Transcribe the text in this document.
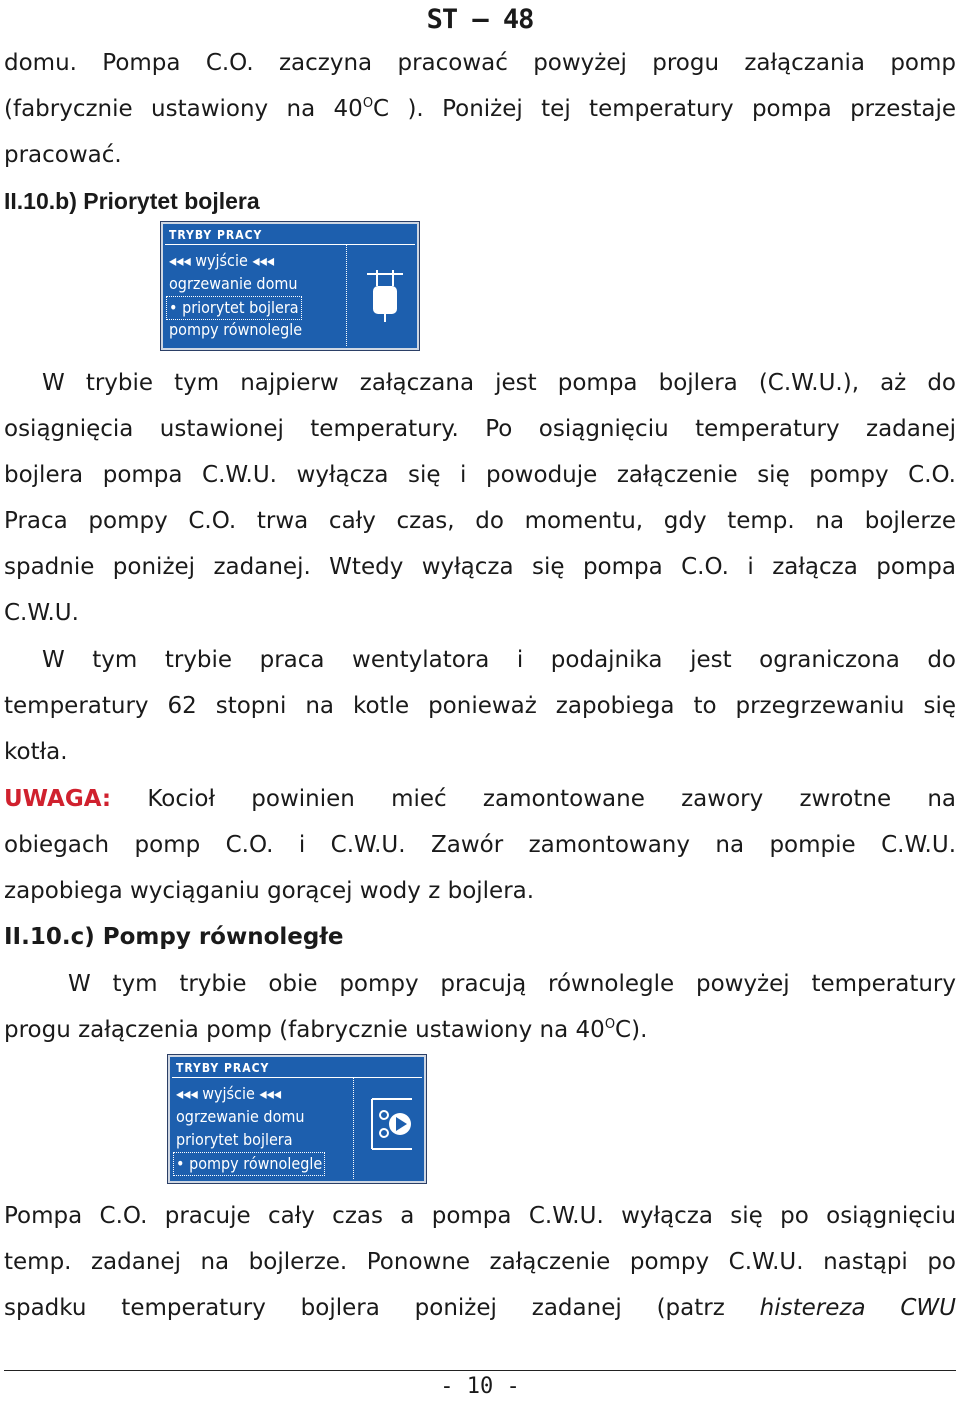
ST – 48
domu. Pompa C.O. zaczyna pracować powyżej progu załączania pomp
(fabrycznie ustawiony na $40^OC$ ). Poniżej tej temperatury pompa przestaje
pracować.
II.10.b) Priorytet bojlera
TRYBY PRACY
◂◂◂ wyjście ◂◂◂
ogrzewanie domu
• priorytet bojlera
pompy równolegle
W trybie tym najpierw załączana jest pompa bojlera (C.W.U.), aż do
osiągnięcia ustawionej temperatury. Po osiągnięciu temperatury zadanej
bojlera pompa C.W.U. wyłącza się i powoduje załączenie się pompy C.O.
Praca pompy C.O. trwa cały czas, do momentu, gdy temp. na bojlerze
spadnie poniżej zadanej. Wtedy wyłącza się pompa C.O. i załącza pompa
C.W.U.
W tym trybie praca wentylatora i podajnika jest ograniczona do
temperatury 62 stopni na kotle ponieważ zapobiega to przegrzewaniu się
kotła.
UWAGA: Kocioł powinien mieć zamontowane zawory zwrotne na
obiegach pomp C.O. i C.W.U. Zawór zamontowany na pompie C.W.U.
zapobiega wyciąganiu gorącej wody z bojlera.
II.10.c) Pompy równoległe
W tym trybie obie pompy pracują równolegle powyżej temperatury
progu załączenia pomp (fabrycznie ustawiony na $40^OC$).
TRYBY PRACY
◂◂◂ wyjście ◂◂◂
ogrzewanie domu
priorytet bojlera
• pompy równolegle
Pompa C.O. pracuje cały czas a pompa C.W.U. wyłącza się po osiągnięciu
temp. zadanej na bojlerze. Ponowne załączenie pompy C.W.U. nastąpi po
spadku temperatury bojlera poniżej zadanej (patrz histereza CWU
- 10 -
